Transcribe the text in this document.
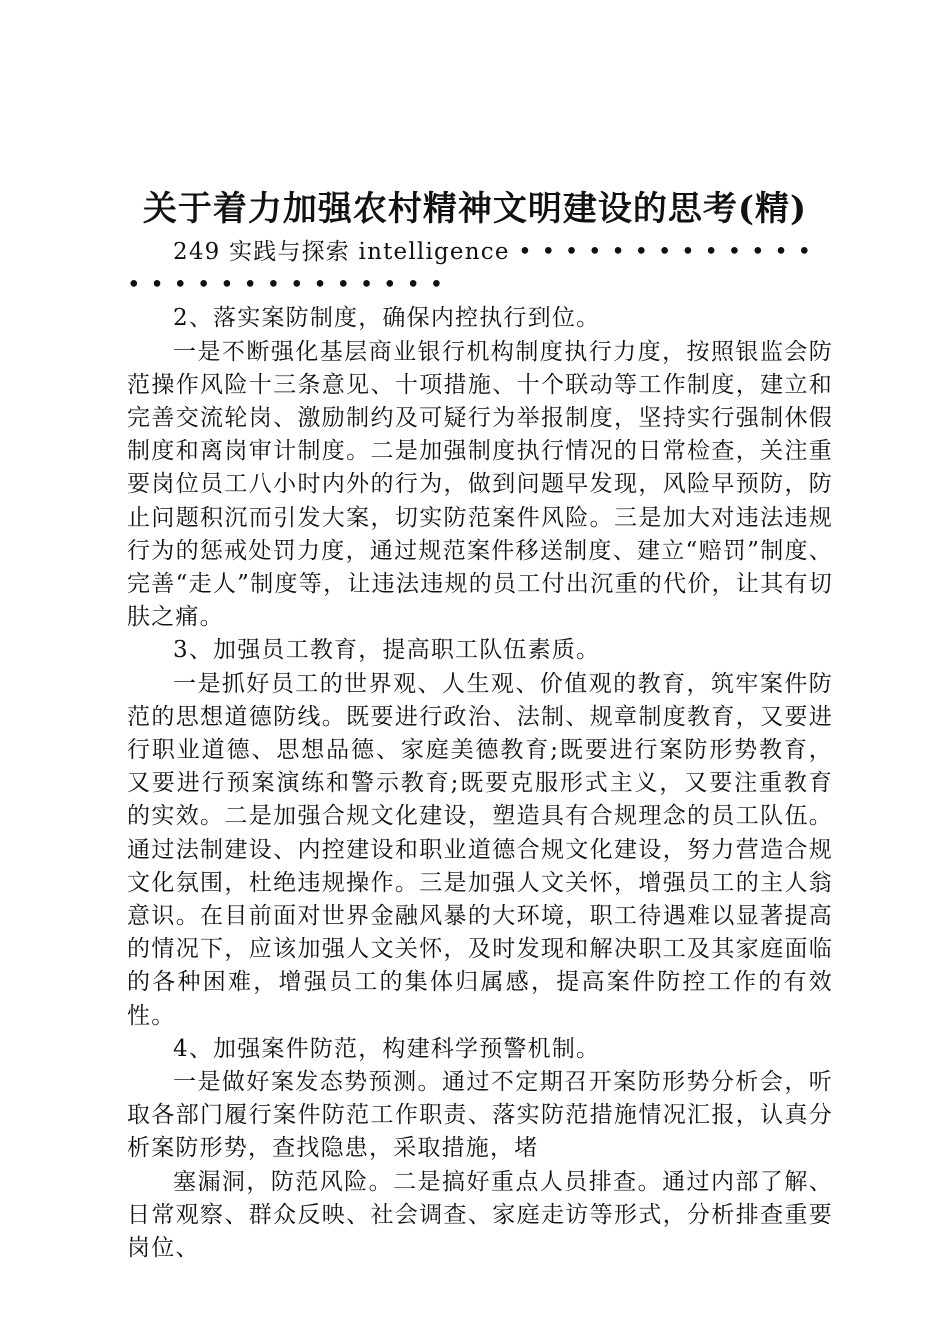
关于着力加强农村精神文明建设的思考(精)

249 实践与探索 intelligence • • • • • • • • • • • • •

• • • • • • • • • • • • • •

2、落实案防制度，确保内控执行到位。

一是不断强化基层商业银行机构制度执行力度，按照银监会防范操作风险十三条意见、十项措施、十个联动等工作制度，建立和完善交流轮岗、激励制约及可疑行为举报制度，坚持实行强制休假制度和离岗审计制度。二是加强制度执行情况的日常检查，关注重要岗位员工八小时内外的行为，做到问题早发现，风险早预防，防止问题积沉而引发大案，切实防范案件风险。三是加大对违法违规行为的惩戒处罚力度，通过规范案件移送制度、建立“赔罚”制度、完善“走人”制度等，让违法违规的员工付出沉重的代价，让其有切肤之痛。

3、加强员工教育，提高职工队伍素质。

一是抓好员工的世界观、人生观、价值观的教育，筑牢案件防范的思想道德防线。既要进行政治、法制、规章制度教育，又要进行职业道德、思想品德、家庭美德教育;既要进行案防形势教育，又要进行预案演练和警示教育;既要克服形式主义，又要注重教育的实效。二是加强合规文化建设，塑造具有合规理念的员工队伍。通过法制建设、内控建设和职业道德合规文化建设，努力营造合规文化氛围，杜绝违规操作。三是加强人文关怀，增强员工的主人翁意识。在目前面对世界金融风暴的大环境，职工待遇难以显著提高的情况下，应该加强人文关怀，及时发现和解决职工及其家庭面临的各种困难，增强员工的集体归属感，提高案件防控工作的有效性。

4、加强案件防范，构建科学预警机制。

一是做好案发态势预测。通过不定期召开案防形势分析会，听取各部门履行案件防范工作职责、落实防范措施情况汇报，认真分析案防形势，查找隐患，采取措施，堵

塞漏洞，防范风险。二是搞好重点人员排查。通过内部了解、日常观察、群众反映、社会调查、家庭走访等形式，分析排查重要岗位、
